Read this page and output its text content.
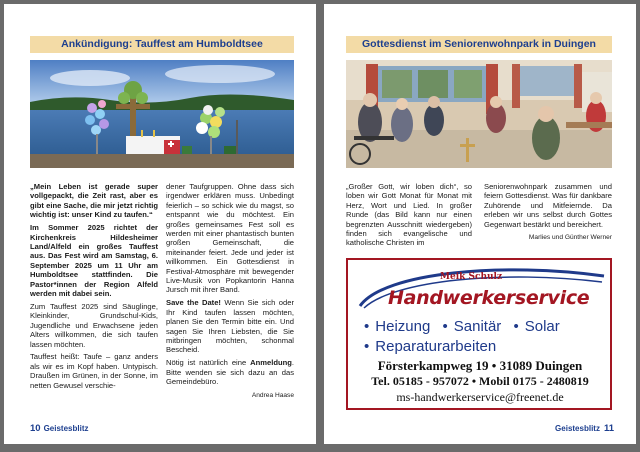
Ankündigung: Tauffest am Humboldtsee

„Mein Leben ist gerade super vollgepackt, die Zeit rast, aber es gibt eine Sache, die mir jetzt richtig wichtig ist: unser Kind zu taufen.“

Im Sommer 2025 richtet der Kirchenkreis Hildesheimer Land/Alfeld ein großes Tauffest aus. Das Fest wird am Samstag, 6. September 2025 um 11 Uhr am Humboldtsee stattfinden. Die Pastor*innen der Region Alfeld werden mit dabei sein.

Zum Tauffest 2025 sind Säuglinge, Kleinkinder, Grundschul-Kids, Jugendliche und Erwachsene jeden Alters willkommen, die sich taufen lassen möchten.

Tauffest heißt: Taufe – ganz anders als wir es im Kopf haben. Untypisch. Draußen im Grünen, in der Sonne, im netten Gewusel verschie-

dener Taufgruppen. Ohne dass sich irgendwer erklären muss. Unbedingt feierlich – so schick wie du magst, so entspannt wie du möchtest. Ein großes gemeinsames Fest soll es werden mit einer phantastisch bunten großen Gemeinschaft, die miteinander feiert. Jede und jeder ist willkommen. Ein Gottesdienst in Festival-Atmosphäre mit bewegender Live-Musik von Popkantorin Hanna Jursch mit ihrer Band.

Save the Date! Wenn Sie sich oder Ihr Kind taufen lassen möchten, planen Sie den Termin bitte ein. Und sagen Sie Ihren Liebsten, die Sie mitbringen möchten, schonmal Bescheid.

Nötig ist natürlich eine Anmeldung. Bitte wenden sie sich dazu an das Gemeindebüro.

Andrea Haase
10 Geistesblitz
Gottesdienst im Seniorenwohnpark in Duingen

„Großer Gott, wir loben dich“, so loben wir Gott Monat für Monat mit Herz, Wort und Lied. In großer Runde (das Bild kann nur einen begrenzten Ausschnitt wiedergeben) finden sich evangelische und katholische Christen im

Seniorenwohnpark zusammen und feiern Gottesdienst. Was für dankbare Zuhörende und Mitfeiernde. Da erleben wir uns selbst durch Gottes Gegenwart bestärkt und bereichert.

Marlies und Günther Werner
Meik Schulz
Handwerkerservice
• Heizung • Sanitär • Solar
• Reparaturarbeiten
Försterkampweg 19 • 31089 Duingen
Tel. 05185 - 957072 • Mobil 0175 - 2480819
ms-handwerkerservice@freenet.de
Geistesblitz 11
